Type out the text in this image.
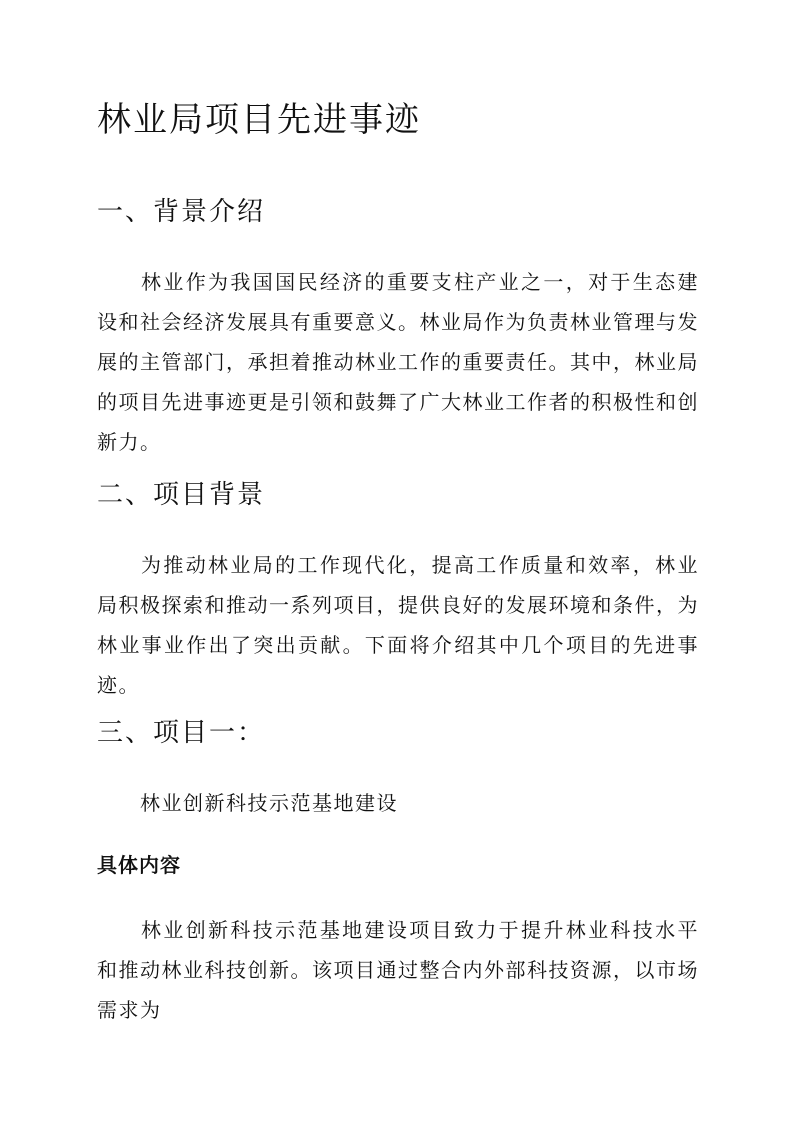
林业局项目先进事迹
一、背景介绍

林业作为我国国民经济的重要支柱产业之一，对于生态建设和社会经济发展具有重要意义。林业局作为负责林业管理与发展的主管部门，承担着推动林业工作的重要责任。其中，林业局的项目先进事迹更是引领和鼓舞了广大林业工作者的积极性和创新力。

二、项目背景

为推动林业局的工作现代化，提高工作质量和效率，林业局积极探索和推动一系列项目，提供良好的发展环境和条件，为林业事业作出了突出贡献。下面将介绍其中几个项目的先进事迹。

三、项目一：

林业创新科技示范基地建设

具体内容

林业创新科技示范基地建设项目致力于提升林业科技水平和推动林业科技创新。该项目通过整合内外部科技资源，以市场需求为
